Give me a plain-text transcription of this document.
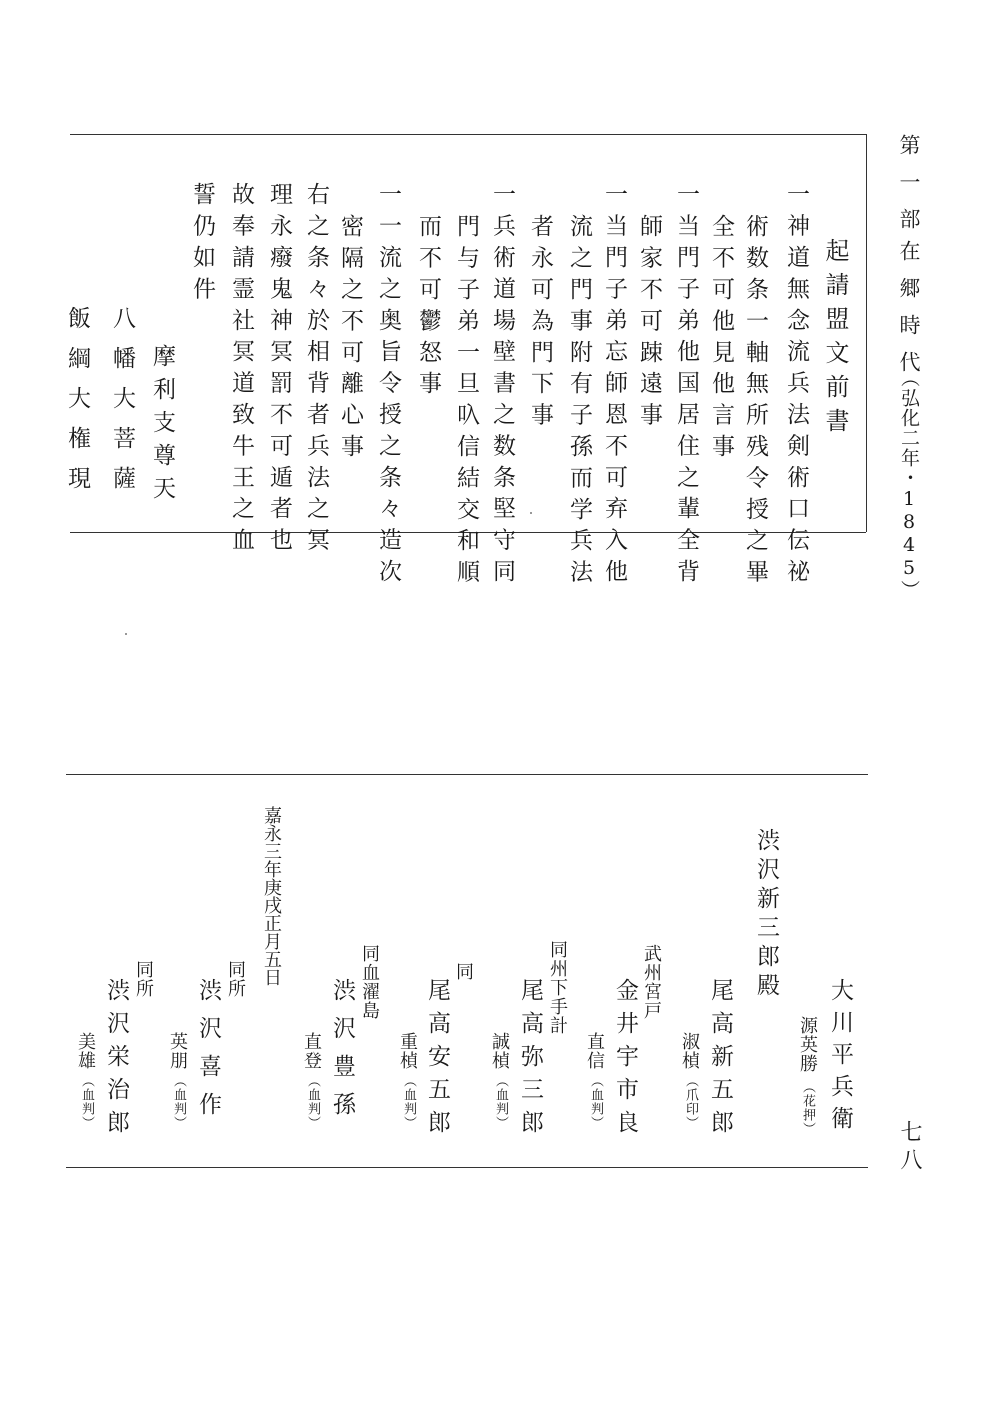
第一部
在郷時代
（弘化二年・1845）
起請盟文前書
一神道無念流兵法剣術口伝祕
術数条一軸無所残令授之畢
全不可他見他言事
一当門子弟他国居住之輩全背
師家不可踈遠事
一当門子弟忘師恩不可弃入他
流之門事附有子孫而学兵法
者永可為門下事
一兵術道場壁書之数条堅守同
門与子弟一旦叺信結交和順
而不可鬱怒事
一一流之奥旨令授之条々造次
密隔之不可離心事
右之条々於相背者兵法之冥
理永癈鬼神冥罰不可遁者也
故奉請霊社冥道致牛王之血
誓仍如件
摩利支尊天
八幡大菩薩
飯綱大権現
七八
大川平兵衛
源英勝
（花押）
渋沢新三郎殿
尾高新五郎
淑楨
（爪印）
武州宮戸
金井宇市良
直信
（血判）
同州下手計
尾高弥三郎
誠楨
（血判）
同
尾高安五郎
重楨
（血判）
同血濯島
渋沢豊孫
直登
（血判）
嘉永三年庚戌正月五日
同所
渋沢喜作
英朋
（血判）
同所
渋沢栄治郎
美雄
（血判）
